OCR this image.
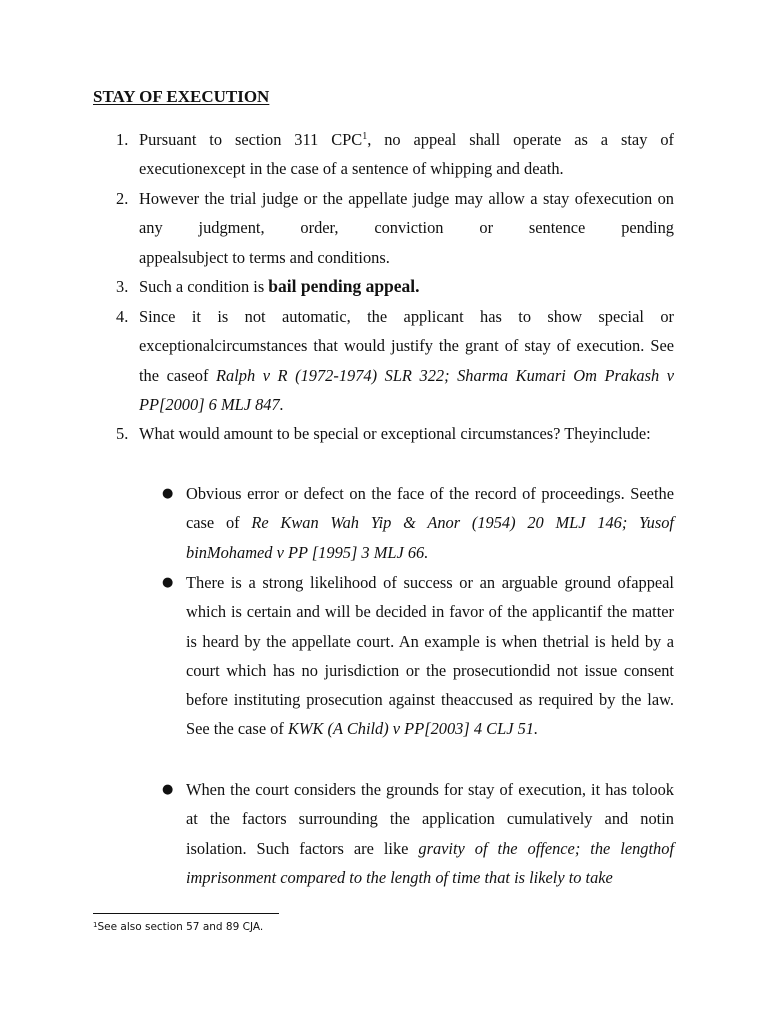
STAY OF EXECUTION
1. Pursuant to section 311 CPC$^1$, no appeal shall operate as a stay of executionexcept in the case of a sentence of whipping and death.
2. However the trial judge or the appellate judge may allow a stay ofexecution on any judgment, order, conviction or sentence pending appealsubject to terms and conditions.
3. Such a condition is bail pending appeal.
4. Since it is not automatic, the applicant has to show special or exceptionalcircumstances that would justify the grant of stay of execution. See the caseof Ralph v R (1972-1974) SLR 322; Sharma Kumari Om Prakash v PP[2000] 6 MLJ 847.
5. What would amount to be special or exceptional circumstances? Theyinclude:
● Obvious error or defect on the face of the record of proceedings. Seethe case of Re Kwan Wah Yip & Anor (1954) 20 MLJ 146; Yusof binMohamed v PP [1995] 3 MLJ 66.
● There is a strong likelihood of success or an arguable ground ofappeal which is certain and will be decided in favor of the applicantif the matter is heard by the appellate court. An example is when thetrial is held by a court which has no jurisdiction or the prosecutiondid not issue consent before instituting prosecution against theaccused as required by the law. See the case of KWK (A Child) v PP[2003] 4 CLJ 51.
● When the court considers the grounds for stay of execution, it has tolook at the factors surrounding the application cumulatively and notin isolation. Such factors are like gravity of the offence; the lengthof imprisonment compared to the length of time that is likely to take
$^1$See also section 57 and 89 CJA.
